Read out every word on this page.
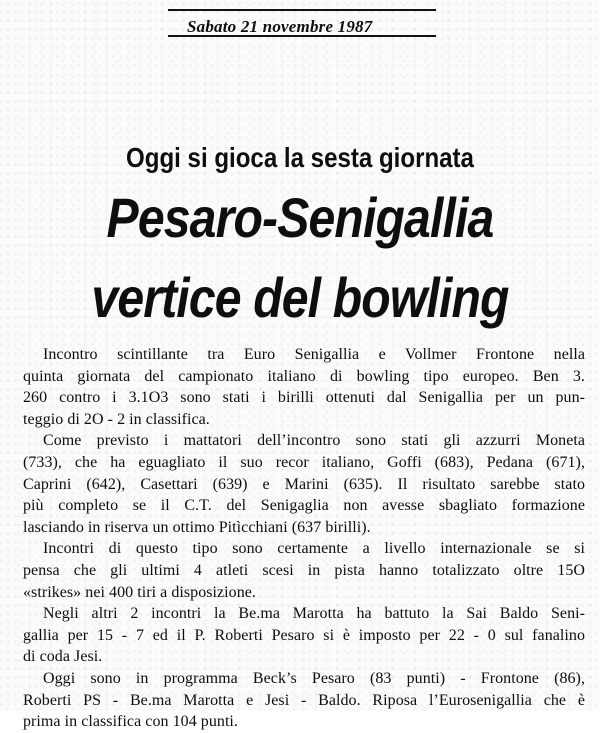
Sabato 21 novembre 1987
Oggi si gioca la sesta giornata
Pesaro-Senigallia
vertice del bowling
Incontro scintillante tra Euro Senigallia e Vollmer Frontone nella
quinta giornata del campionato italiano di bowling tipo europeo. Ben 3.
260 contro i 3.1O3 sono stati i birilli ottenuti dal Senigallia per un pun-
teggio di 2O - 2 in classifica.
Come previsto i mattatori dell’incontro sono stati gli azzurri Moneta
(733), che ha eguagliato il suo recor italiano, Goffi (683), Pedana (671),
Caprini (642), Casettari (639) e Marini (635). Il risultato sarebbe stato
più completo se il C.T. del Senigaglia non avesse sbagliato formazione
lasciando in riserva un ottimo Pitìcchiani (637 birilli).
Incontri di questo tipo sono certamente a livello internazionale se si
pensa che gli ultimi 4 atleti scesi in pista hanno totalizzato oltre 15O
«strikes» nei 400 tiri a disposizione.
Negli altri 2 incontri la Be.ma Marotta ha battuto la Sai Baldo Seni-
gallia per 15 - 7 ed il P. Roberti Pesaro si è imposto per 22 - 0 sul fanalino
di coda Jesi.
Oggi sono in programma Beck’s Pesaro (83 punti) - Frontone (86),
Roberti PS - Be.ma Marotta e Jesi - Baldo. Riposa l’Eurosenigallia che è
prima in classifica con 104 punti.
